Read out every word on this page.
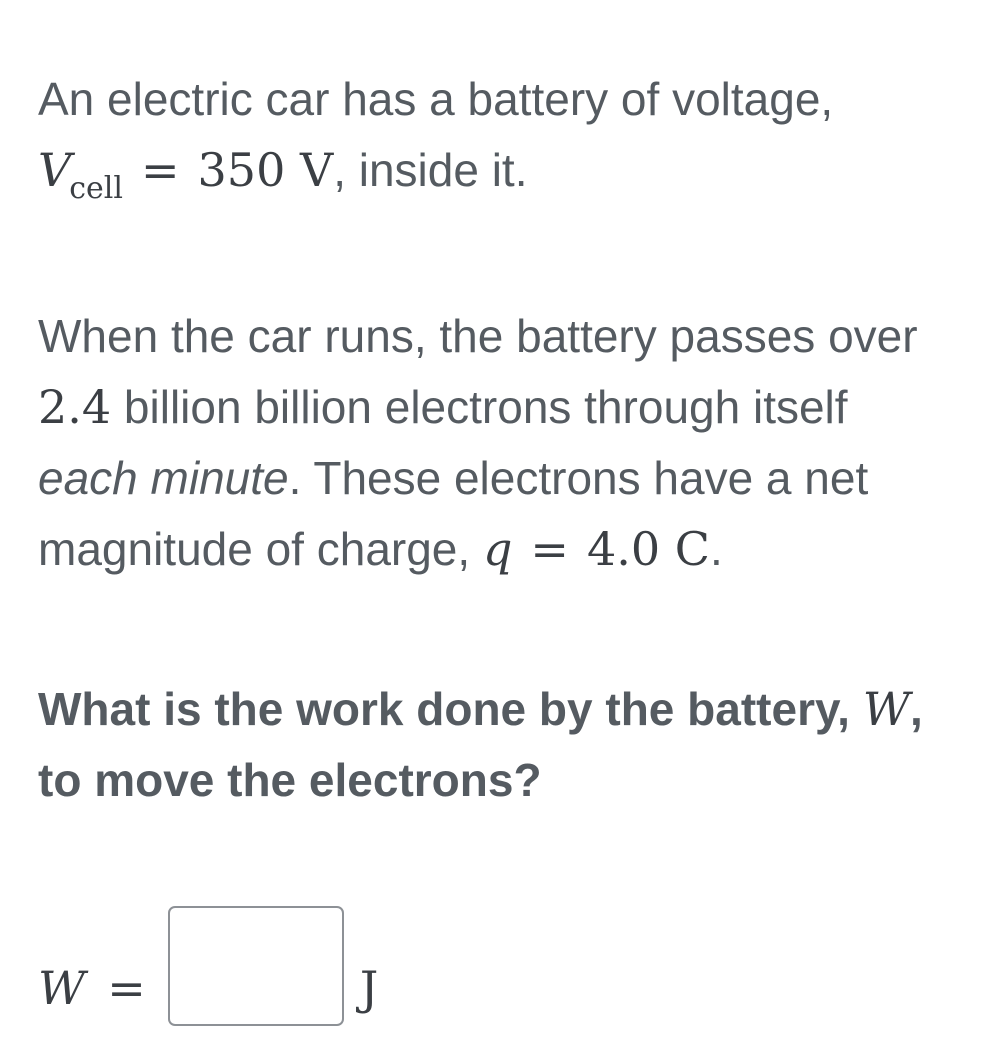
An electric car has a battery of voltage,
$V_{cell} = 350$ V, inside it.

When the car runs, the battery passes over 2.4 billion billion electrons through itself each minute. These electrons have a net magnitude of charge, q = 4.0 C.

What is the work done by the battery, W, to move the electrons?

W =	J
